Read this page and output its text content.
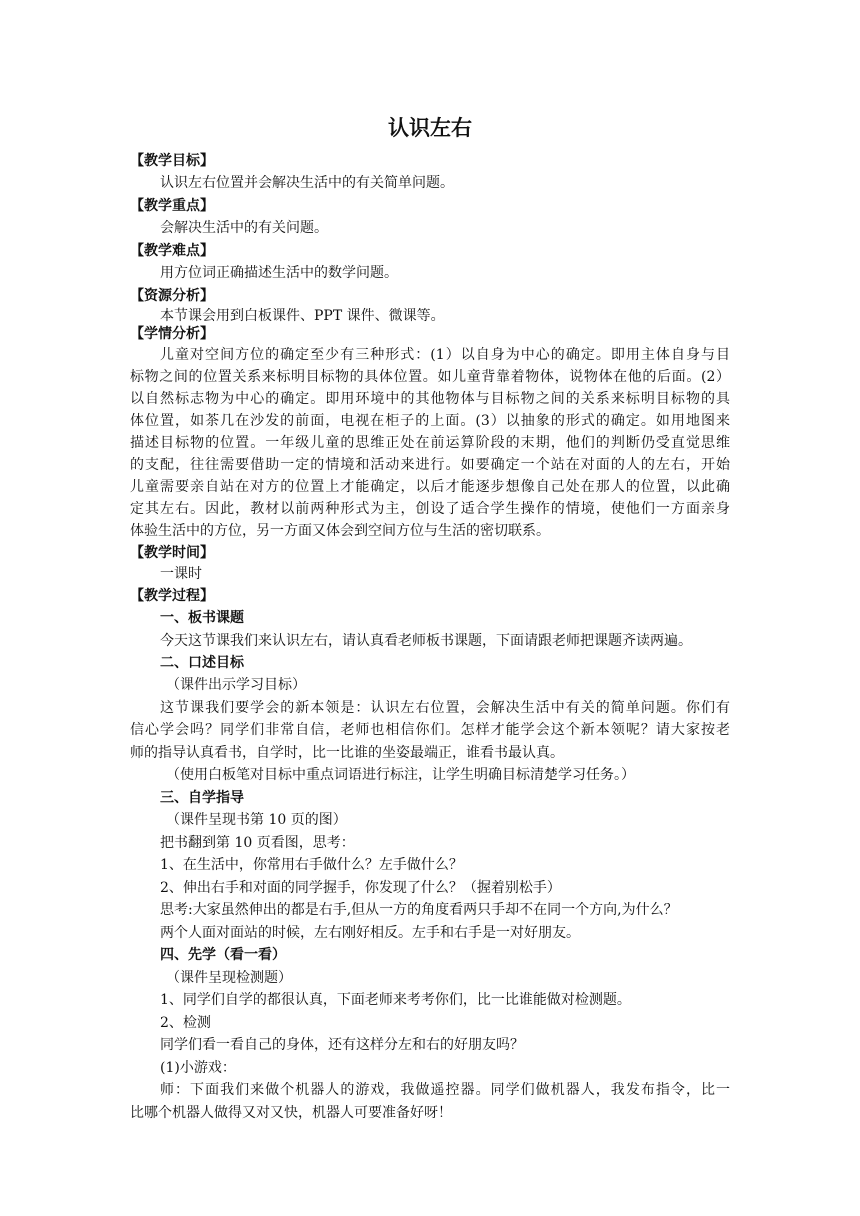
认识左右
【教学目标】
认识左右位置并会解决生活中的有关简单问题。
【教学重点】
会解决生活中的有关问题。
【教学难点】
用方位词正确描述生活中的数学问题。
【资源分析】
本节课会用到白板课件、PPT 课件、微课等。
【学情分析】
儿童对空间方位的确定至少有三种形式：(1）以自身为中心的确定。即用主体自身与目
标物之间的位置关系来标明目标物的具体位置。如儿童背靠着物体，说物体在他的后面。(2）
以自然标志物为中心的确定。即用环境中的其他物体与目标物之间的关系来标明目标物的具
体位置，如茶几在沙发的前面，电视在柜子的上面。(3）以抽象的形式的确定。如用地图来
描述目标物的位置。一年级儿童的思维正处在前运算阶段的末期，他们的判断仍受直觉思维
的支配，往往需要借助一定的情境和活动来进行。如要确定一个站在对面的人的左右，开始
儿童需要亲自站在对方的位置上才能确定，以后才能逐步想像自己处在那人的位置，以此确
定其左右。因此，教材以前两种形式为主，创设了适合学生操作的情境，使他们一方面亲身
体验生活中的方位，另一方面又体会到空间方位与生活的密切联系。
【教学时间】
一课时
【教学过程】
一、板书课题
今天这节课我们来认识左右，请认真看老师板书课题，下面请跟老师把课题齐读两遍。
二、口述目标
（课件出示学习目标）
这节课我们要学会的新本领是：认识左右位置，会解决生活中有关的简单问题。你们有
信心学会吗？同学们非常自信，老师也相信你们。怎样才能学会这个新本领呢？请大家按老
师的指导认真看书，自学时，比一比谁的坐姿最端正，谁看书最认真。
（使用白板笔对目标中重点词语进行标注，让学生明确目标清楚学习任务。）
三、自学指导
（课件呈现书第 10 页的图）
把书翻到第 10 页看图，思考：
1、在生活中，你常用右手做什么？左手做什么？
2、伸出右手和对面的同学握手，你发现了什么？（握着别松手）
思考:大家虽然伸出的都是右手,但从一方的角度看两只手却不在同一个方向,为什么？
两个人面对面站的时候，左右刚好相反。左手和右手是一对好朋友。
四、先学（看一看）
（课件呈现检测题）
1、同学们自学的都很认真，下面老师来考考你们，比一比谁能做对检测题。
2、检测
同学们看一看自己的身体，还有这样分左和右的好朋友吗？
(1)小游戏：
师：下面我们来做个机器人的游戏，我做遥控器。同学们做机器人，我发布指令，比一
比哪个机器人做得又对又快，机器人可要准备好呀！
